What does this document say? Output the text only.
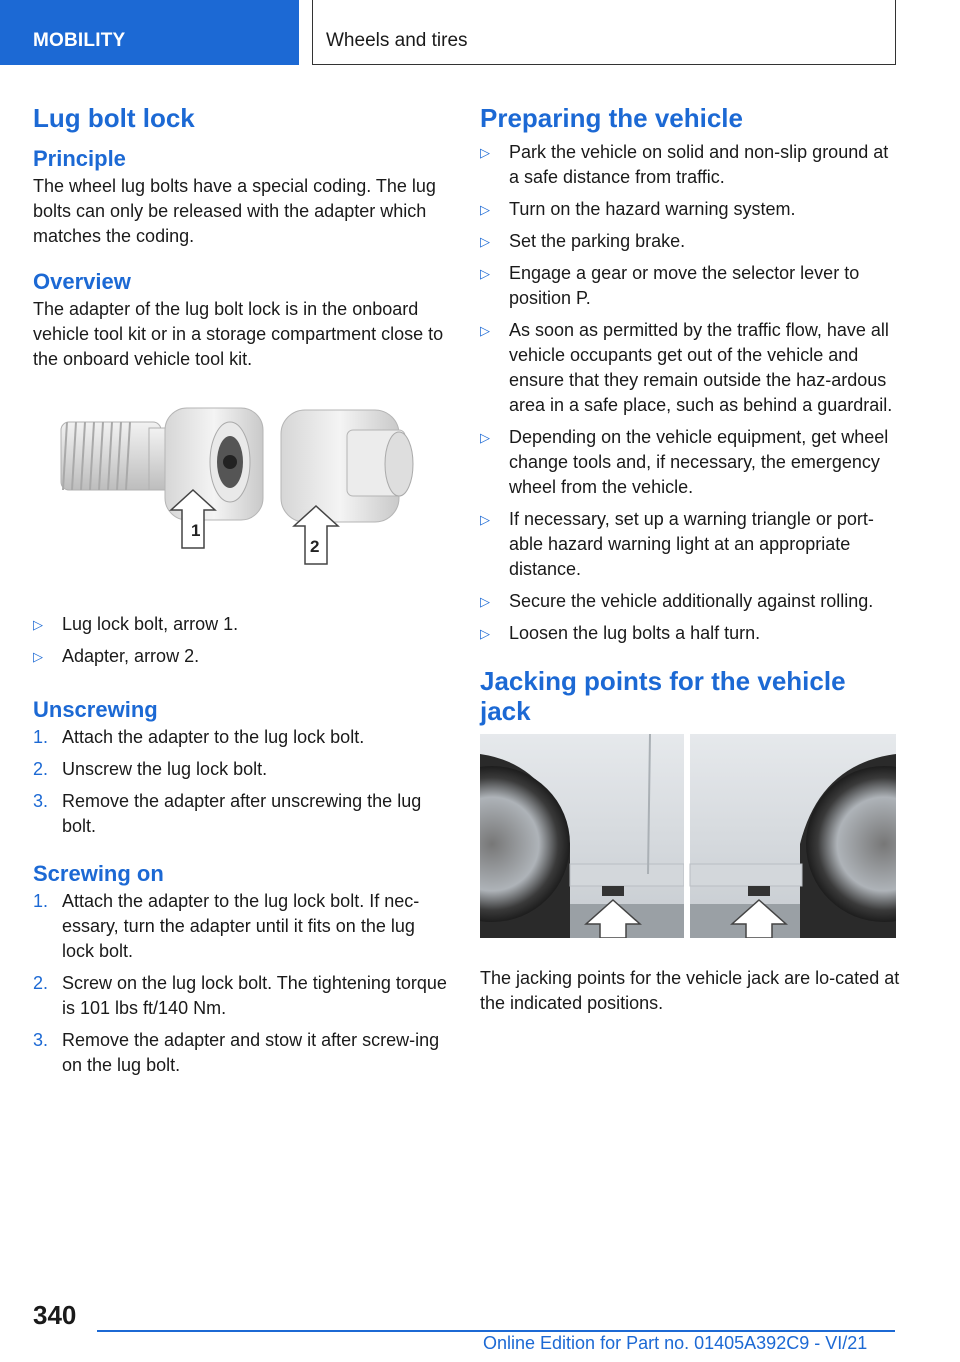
MOBILITY	Wheels and tires
Lug bolt lock
Principle

The wheel lug bolts have a special coding. The lug bolts can only be released with the adapter which matches the coding.

Overview

The adapter of the lug bolt lock is in the onboard vehicle tool kit or in a storage compartment close to the onboard vehicle tool kit.

1
2
▷ Lug lock bolt, arrow 1.
▷ Adapter, arrow 2.
Unscrewing
1. Attach the adapter to the lug lock bolt.
2. Unscrew the lug lock bolt.
3. Remove the adapter after unscrewing the lug bolt.
Screwing on
1. Attach the adapter to the lug lock bolt. If nec‐essary, turn the adapter until it fits on the lug lock bolt.
2. Screw on the lug lock bolt. The tightening torque is 101 lbs ft/140 Nm.
3. Remove the adapter and stow it after screw‐ing on the lug bolt.
Preparing the vehicle
▷ Park the vehicle on solid and non-slip ground at a safe distance from traffic.
▷ Turn on the hazard warning system.
▷ Set the parking brake.
▷ Engage a gear or move the selector lever to position P.
▷ As soon as permitted by the traffic flow, have all vehicle occupants get out of the vehicle and ensure that they remain outside the haz‐ardous area in a safe place, such as behind a guardrail.
▷ Depending on the vehicle equipment, get wheel change tools and, if necessary, the emergency wheel from the vehicle.
▷ If necessary, set up a warning triangle or port‐able hazard warning light at an appropriate distance.
▷ Secure the vehicle additionally against rolling.
▷ Loosen the lug bolts a half turn.
Jacking points for the vehicle jack

The jacking points for the vehicle jack are lo‐cated at the indicated positions.

340
Online Edition for Part no. 01405A392C9 - VI/21
